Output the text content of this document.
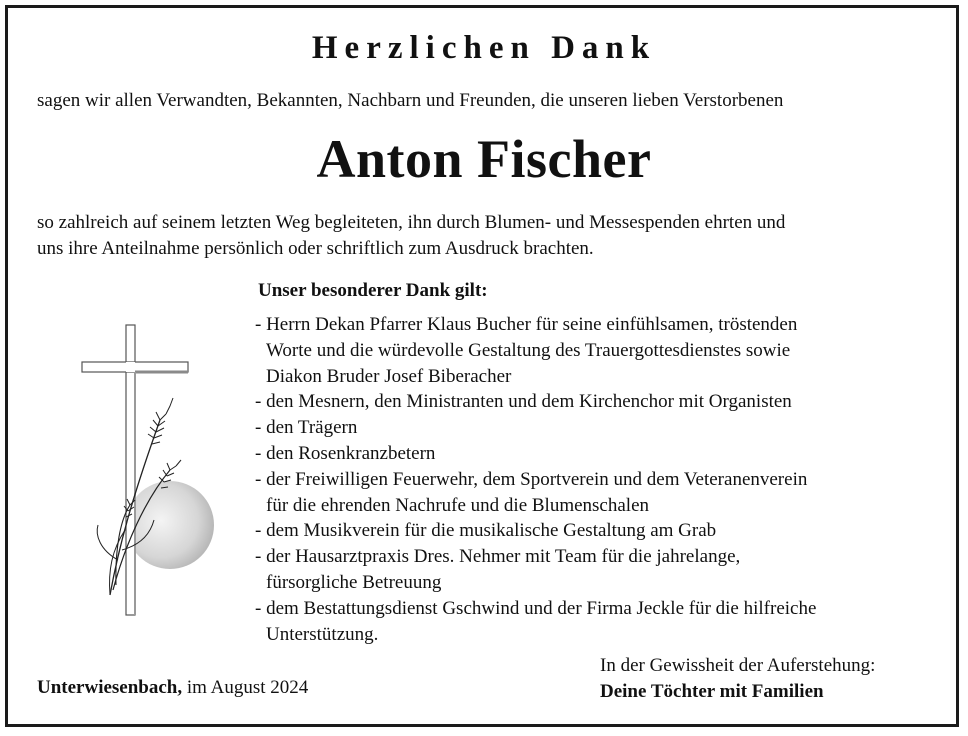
Herzlichen Dank
sagen wir allen Verwandten, Bekannten, Nachbarn und Freunden, die unseren lieben Verstorbenen
Anton Fischer
so zahlreich auf seinem letzten Weg begleiteten, ihn durch Blumen- und Messespenden ehrten und
uns ihre Anteilnahme persönlich oder schriftlich zum Ausdruck brachten.
Unser besonderer Dank gilt:
- Herrn Dekan Pfarrer Klaus Bucher für seine einfühlsamen, tröstenden
Worte und die würdevolle Gestaltung des Trauergottesdienstes sowie
Diakon Bruder Josef Biberacher
- den Mesnern, den Ministranten und dem Kirchenchor mit Organisten
- den Trägern
- den Rosenkranzbetern
- der Freiwilligen Feuerwehr, dem Sportverein und dem Veteranenverein
für die ehrenden Nachrufe und die Blumenschalen
- dem Musikverein für die musikalische Gestaltung am Grab
- der Hausarztpraxis Dres. Nehmer mit Team für die jahrelange,
fürsorgliche Betreuung
- dem Bestattungsdienst Gschwind und der Firma Jeckle für die hilfreiche
Unterstützung.
Unterwiesenbach, im August 2024
In der Gewissheit der Auferstehung:
Deine Töchter mit Familien
